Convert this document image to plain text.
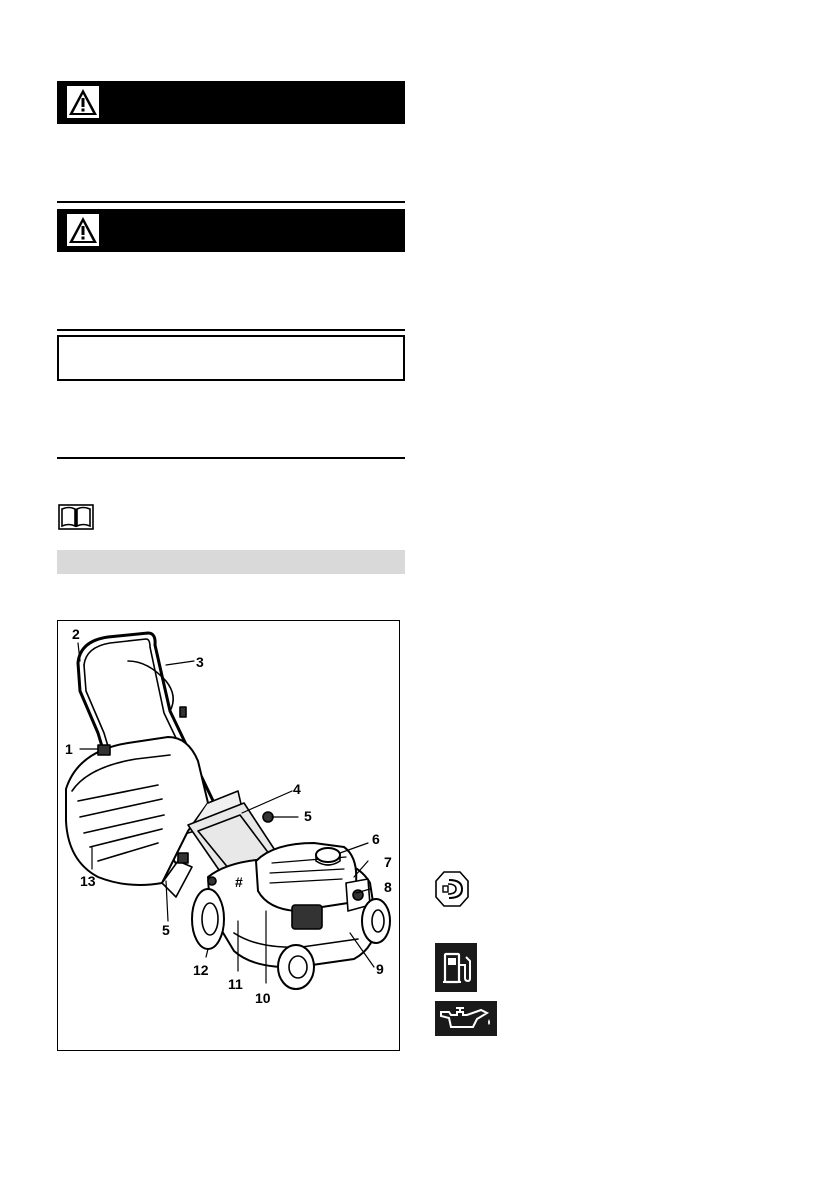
2
3
1
4
5
6
7
8
#
13
5
9
12
11
10
